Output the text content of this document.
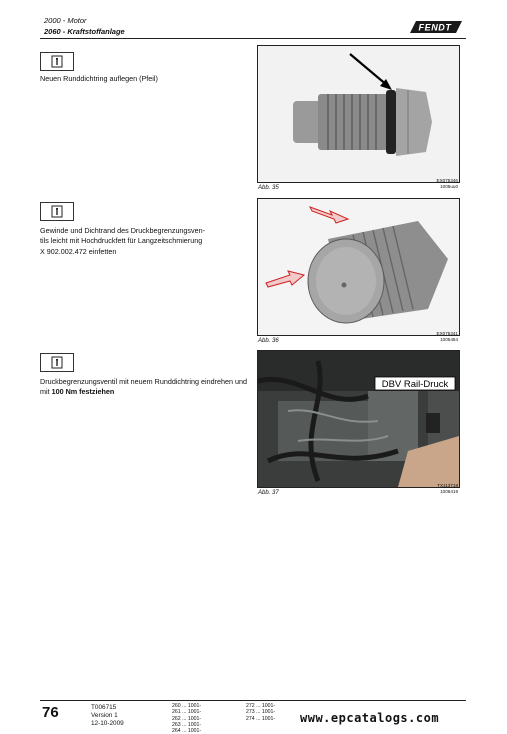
2000 - Motor
2060 - Kraftstoffanlage	FENDT
Neuen Runddichtring auflegen (Pfeil)
Abb. 35
EX075346
1005uu0
Gewinde und Dichtrand des Druckbegrenzungsven-
tils leicht mit Hochdruckfett für Langzeitschmierung
X 902.002.472 einfetten
Abb. 36
EX075341
1005484
Druckbegrenzungsventil mit neuem Runddichtring eindrehen und mit 100 Nm festziehen
DBV Rail-Druck
Abb. 37
TX113718
1006419
76	T006715
Version 1
12-10-2009
260 ... 1001-
261 ... 1001-
262 ... 1001-
263 ... 1001-
264 ... 1001-
272 ... 1001-
273 ... 1001-
274 ... 1001- www.epcatalogs.com
